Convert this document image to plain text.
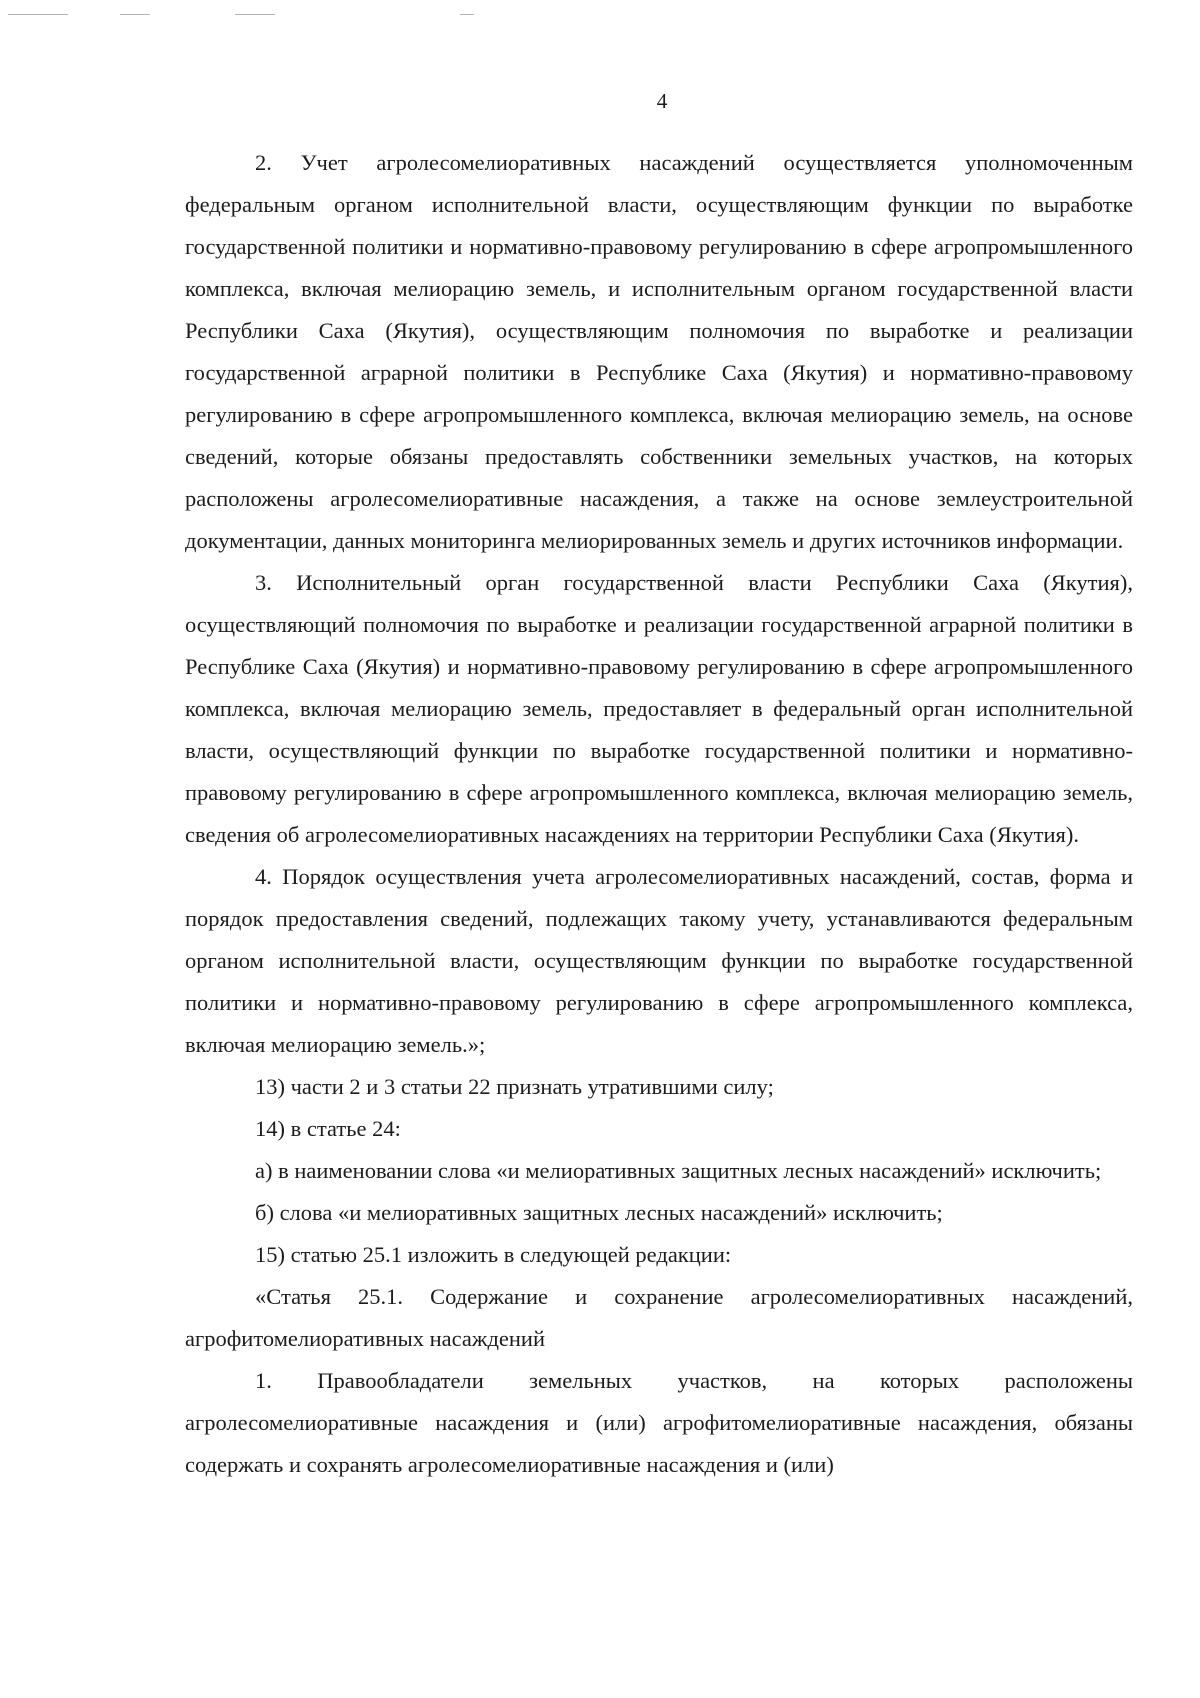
4

2. Учет агролесомелиоративных насаждений осуществляется уполномоченным федеральным органом исполнительной власти, осуществляющим функции по выработке государственной политики и нормативно-правовому регулированию в сфере агропромышленного комплекса, включая мелиорацию земель, и исполнительным органом государственной власти Республики Саха (Якутия), осуществляющим полномочия по выработке и реализации государственной аграрной политики в Республике Саха (Якутия) и нормативно-правовому регулированию в сфере агропромышленного комплекса, включая мелиорацию земель, на основе сведений, которые обязаны предоставлять собственники земельных участков, на которых расположены агролесомелиоративные насаждения, а также на основе землеустроительной документации, данных мониторинга мелиорированных земель и других источников информации.

3. Исполнительный орган государственной власти Республики Саха (Якутия), осуществляющий полномочия по выработке и реализации государственной аграрной политики в Республике Саха (Якутия) и нормативно-правовому регулированию в сфере агропромышленного комплекса, включая мелиорацию земель, предоставляет в федеральный орган исполнительной власти, осуществляющий функции по выработке государственной политики и нормативно-правовому регулированию в сфере агропромышленного комплекса, включая мелиорацию земель, сведения об агролесомелиоративных насаждениях на территории Республики Саха (Якутия).

4. Порядок осуществления учета агролесомелиоративных насаждений, состав, форма и порядок предоставления сведений, подлежащих такому учету, устанавливаются федеральным органом исполнительной власти, осуществляющим функции по выработке государственной политики и нормативно-правовому регулированию в сфере агропромышленного комплекса, включая мелиорацию земель.»;

13) части 2 и 3 статьи 22 признать утратившими силу;

14) в статье 24:

а) в наименовании слова «и мелиоративных защитных лесных насаждений» исключить;

б) слова «и мелиоративных защитных лесных насаждений» исключить;

15) статью 25.1 изложить в следующей редакции:

«Статья 25.1. Содержание и сохранение агролесомелиоративных насаждений, агрофитомелиоративных насаждений

1. Правообладатели земельных участков, на которых расположены агролесомелиоративные насаждения и (или) агрофитомелиоративные насаждения, обязаны содержать и сохранять агролесомелиоративные насаждения и (или)
